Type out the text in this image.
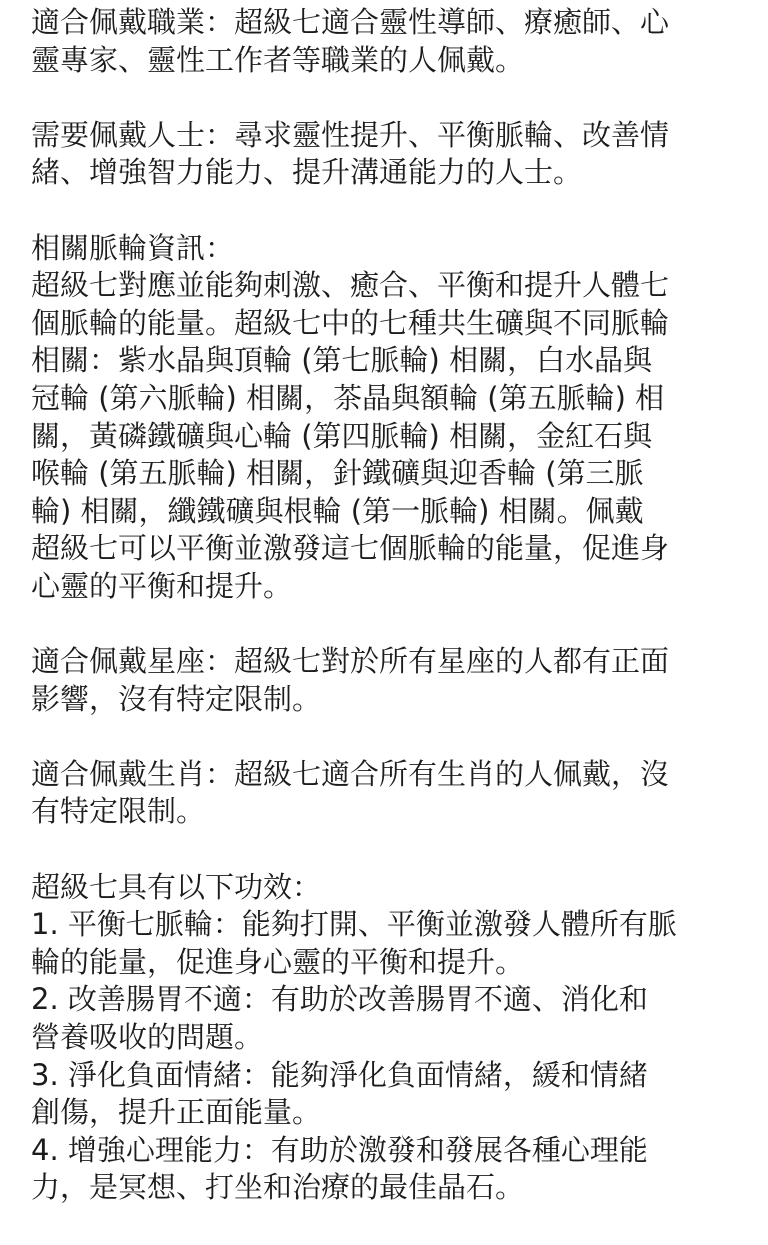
適合佩戴職業：超級七適合靈性導師、療癒師、心
靈專家、靈性工作者等職業的人佩戴。

需要佩戴人士：尋求靈性提升、平衡脈輪、改善情
緒、增強智力能力、提升溝通能力的人士。

相關脈輪資訊：
超級七對應並能夠刺激、癒合、平衡和提升人體七
個脈輪的能量。超級七中的七種共生礦與不同脈輪
相關：紫水晶與頂輪 (第七脈輪) 相關，白水晶與
冠輪 (第六脈輪) 相關，茶晶與額輪 (第五脈輪) 相
關，黃磷鐵礦與心輪 (第四脈輪) 相關，金紅石與
喉輪 (第五脈輪) 相關，針鐵礦與迎香輪 (第三脈
輪) 相關，纖鐵礦與根輪 (第一脈輪) 相關。佩戴
超級七可以平衡並激發這七個脈輪的能量，促進身
心靈的平衡和提升。

適合佩戴星座：超級七對於所有星座的人都有正面
影響，沒有特定限制。

適合佩戴生肖：超級七適合所有生肖的人佩戴，沒
有特定限制。

超級七具有以下功效：
1. 平衡七脈輪：能夠打開、平衡並激發人體所有脈
輪的能量，促進身心靈的平衡和提升。
2. 改善腸胃不適：有助於改善腸胃不適、消化和
營養吸收的問題。
3. 淨化負面情緒：能夠淨化負面情緒，緩和情緒
創傷，提升正面能量。
4. 增強心理能力：有助於激發和發展各種心理能
力，是冥想、打坐和治療的最佳晶石。
